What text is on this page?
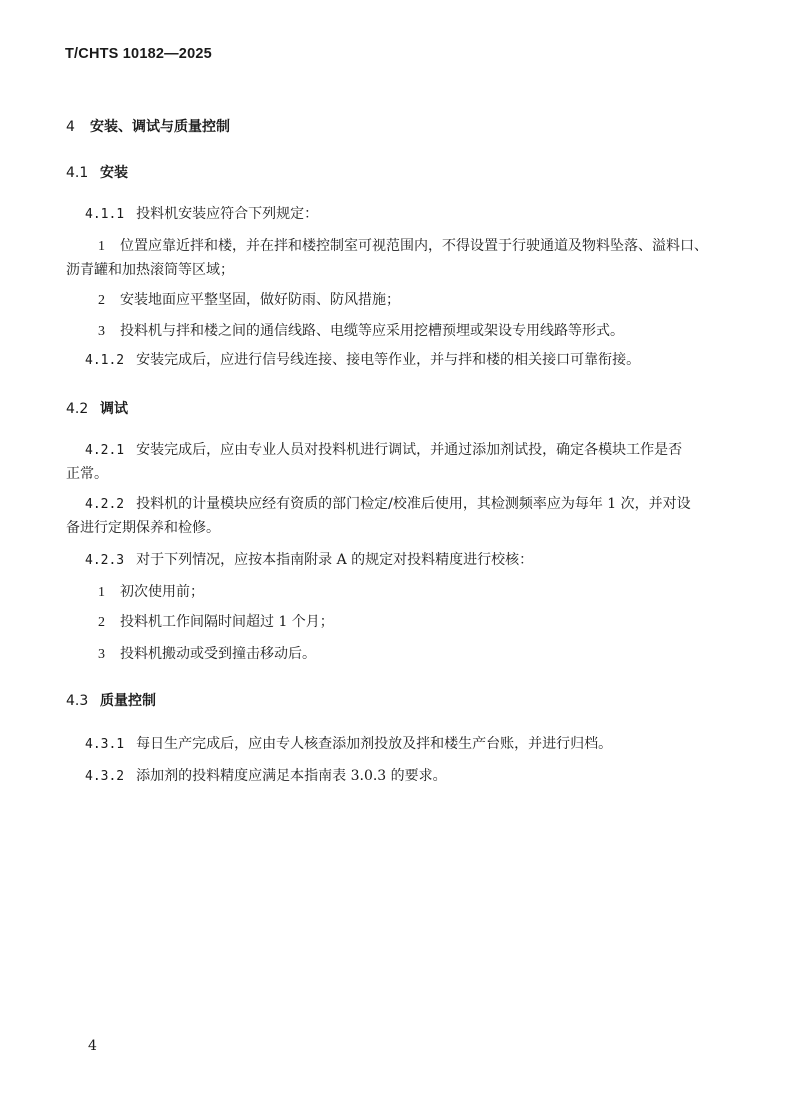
T/CHTS 10182—2025
4 安装、调试与质量控制
4.1 安装
4.1.1 投料机安装应符合下列规定：
1 位置应靠近拌和楼，并在拌和楼控制室可视范围内，不得设置于行驶通道及物料坠落、溢料口、
沥青罐和加热滚筒等区域；
2 安装地面应平整坚固，做好防雨、防风措施；
3 投料机与拌和楼之间的通信线路、电缆等应采用挖槽预埋或架设专用线路等形式。
4.1.2 安装完成后，应进行信号线连接、接电等作业，并与拌和楼的相关接口可靠衔接。
4.2 调试
4.2.1 安装完成后，应由专业人员对投料机进行调试，并通过添加剂试投，确定各模块工作是否
正常。
4.2.2 投料机的计量模块应经有资质的部门检定/校准后使用，其检测频率应为每年 1 次，并对设
备进行定期保养和检修。
4.2.3 对于下列情况，应按本指南附录 A 的规定对投料精度进行校核：
1 初次使用前；
2 投料机工作间隔时间超过 1 个月；
3 投料机搬动或受到撞击移动后。
4.3 质量控制
4.3.1 每日生产完成后，应由专人核查添加剂投放及拌和楼生产台账，并进行归档。
4.3.2 添加剂的投料精度应满足本指南表 3.0.3 的要求。
4
